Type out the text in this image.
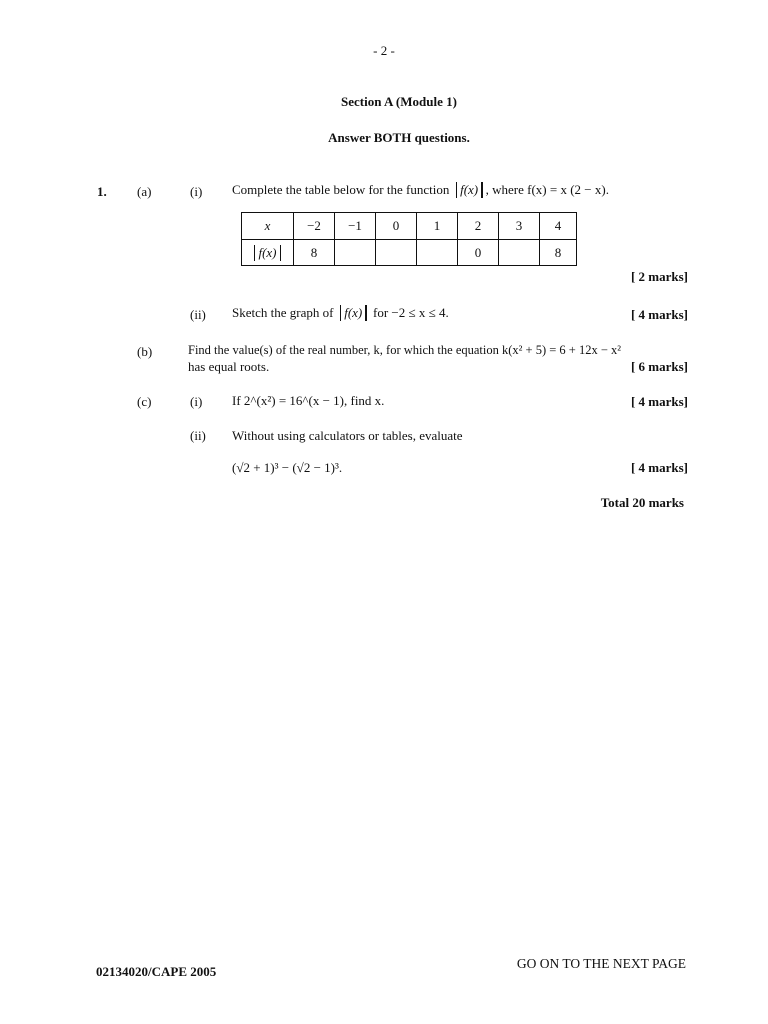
- 2 -
Section A (Module 1)
Answer BOTH questions.
1. (a)	(i) Complete the table below for the function f(x) , where f(x) = x (2 − x).
x	−2	−1	0	1	2	3	4
f(x)	8				0		8
[ 2 marks]
(ii) Sketch the graph of f(x) for −2 ≤ x ≤ 4.	[ 4 marks]
(b)	Find the value(s) of the real number, k, for which the equation k(x² + 5) = 6 + 12x − x²
has equal roots.	[ 6 marks]
(c)	(i) If 2^(x²) = 16^(x − 1), find x.	[ 4 marks]
(ii) Without using calculators or tables, evaluate
(√2 + 1)³ − (√2 − 1)³.	[ 4 marks]
Total 20 marks
02134020/CAPE 2005
GO ON TO THE NEXT PAGE
